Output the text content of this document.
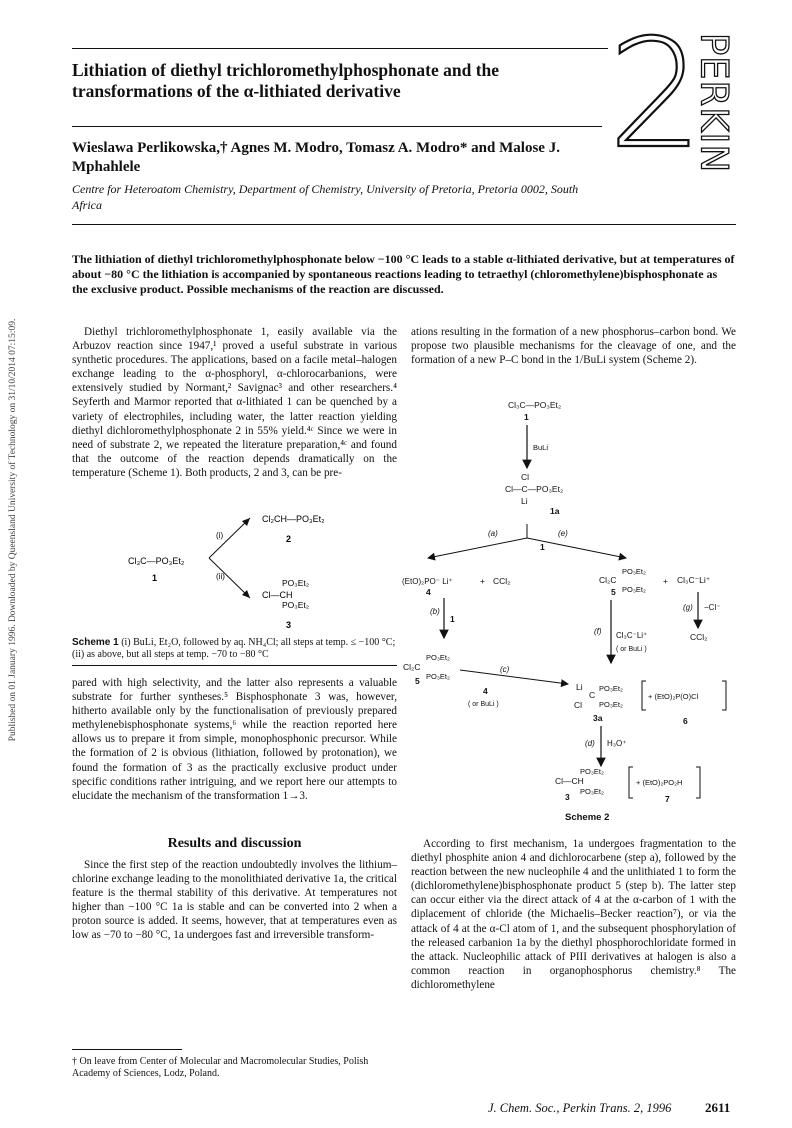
Published on 01 January 1996. Downloaded by Queensland University of Technology on 31/10/2014 07:15:09.
2
PERKIN
Lithiation of diethyl trichloromethylphosphonate and the transformations of the α-lithiated derivative
Wieslawa Perlikowska,† Agnes M. Modro, Tomasz A. Modro* and Malose J. Mphahlele
Centre for Heteroatom Chemistry, Department of Chemistry, University of Pretoria, Pretoria 0002, South Africa
The lithiation of diethyl trichloromethylphosphonate below −100 °C leads to a stable α-lithiated derivative, but at temperatures of about −80 °C the lithiation is accompanied by spontaneous reactions leading to tetraethyl (chloromethylene)bisphosphonate as the exclusive product. Possible mechanisms of the reaction are discussed.

Diethyl trichloromethylphosphonate 1, easily available via the Arbuzov reaction since 1947,¹ proved a useful substrate in various synthetic procedures. The applications, based on a facile metal–halogen exchange leading to the α-phosphoryl, α-chlorocarbanions, were extensively studied by Normant,² Savignac³ and other researchers.⁴ Seyferth and Marmor reported that α-lithiated 1 can be quenched by a variety of electrophiles, including water, the latter reaction yielding diethyl dichloromethylphosphonate 2 in 55% yield.⁴ᶜ Since we were in need of substrate 2, we repeated the literature preparation,⁴ᶜ and found that the outcome of the reaction depends dramatically on the temperature (Scheme 1). Both products, 2 and 3, can be pre-

Cl₃C—PO₃Et₂
1
(i)
(ii)
Cl₂CH—PO₃Et₂
2
PO₃Et₂
Cl—CH
PO₃Et₂
3
Scheme 1 (i) BuLi, Et₂O, followed by aq. NH₄Cl; all steps at temp. ≤ −100 °C; (ii) as above, but all steps at temp. −70 to −80 °C

pared with high selectivity, and the latter also represents a valuable substrate for further syntheses.⁵ Bisphosphonate 3 was, however, hitherto available only by the functionalisation of previously prepared methylenebisphosphonate systems,⁶ while the reaction reported here allows us to prepare it from simple, monophosphonic precursor. While the formation of 2 is obvious (lithiation, followed by protonation), we found the formation of 3 as the practically exclusive product under specific conditions rather intriguing, and we report here our attempts to elucidate the mechanism of the transformation 1→3.

Results and discussion

Since the first step of the reaction undoubtedly involves the lithium–chlorine exchange leading to the monolithiated derivative 1a, the critical feature is the thermal stability of this derivative. At temperatures not higher than −100 °C 1a is stable and can be converted into 2 when a proton source is added. It seems, however, that at temperatures even as low as −70 to −80 °C, 1a undergoes fast and irreversible transform-

† On leave from Center of Molecular and Macromolecular Studies, Polish Academy of Sciences, Lodz, Poland.

ations resulting in the formation of a new phosphorus–carbon bond. We propose two plausible mechanisms for the cleavage of one, and the formation of a new P–C bond in the 1/BuLi system (Scheme 2).

Cl₃C—PO₃Et₂
1
BuLi
Cl
Cl—C—PO₃Et₂
Li
1a
(a)	(e)
1
(EtO)₂PO⁻ Li⁺	+ CCl₂
4
PO₃Et₂
Cl₂C
PO₃Et₂
5
+ Cl₃C⁻Li⁺
(b)
1
(g) −Cl⁻
CCl₂
(f) Cl₃C⁻Li⁺
( or BuLi )
PO₃Et₂
Cl₂C
PO₃Et₂
5
(c)
4
( or BuLi )
Li
C
Cl
PO₃Et₂
PO₃Et₂
3a
+ (EtO)₂P(O)Cl
6
(d) H₃O⁺
PO₃Et₂
Cl—CH
PO₃Et₂
3
+ (EtO)₂PO₂H
7
Scheme 2

According to first mechanism, 1a undergoes fragmentation to the diethyl phosphite anion 4 and dichlorocarbene (step a), followed by the reaction between the new nucleophile 4 and the unlithiated 1 to form the (dichloromethylene)bisphosphonate product 5 (step b). The latter step can occur either via the direct attack of 4 at the α-carbon of 1 with the diplacement of chloride (the Michaelis–Becker reaction⁷), or via the attack of 4 at the α-Cl atom of 1, and the subsequent phosphorylation of the released carbanion 1a by the diethyl phosphorochloridate formed in the attack. Nucleophilic attack of PIII derivatives at halogen is also a common reaction in organophosphorus chemistry.⁸ The dichloromethylene

J. Chem. Soc., Perkin Trans. 2, 1996	2611
